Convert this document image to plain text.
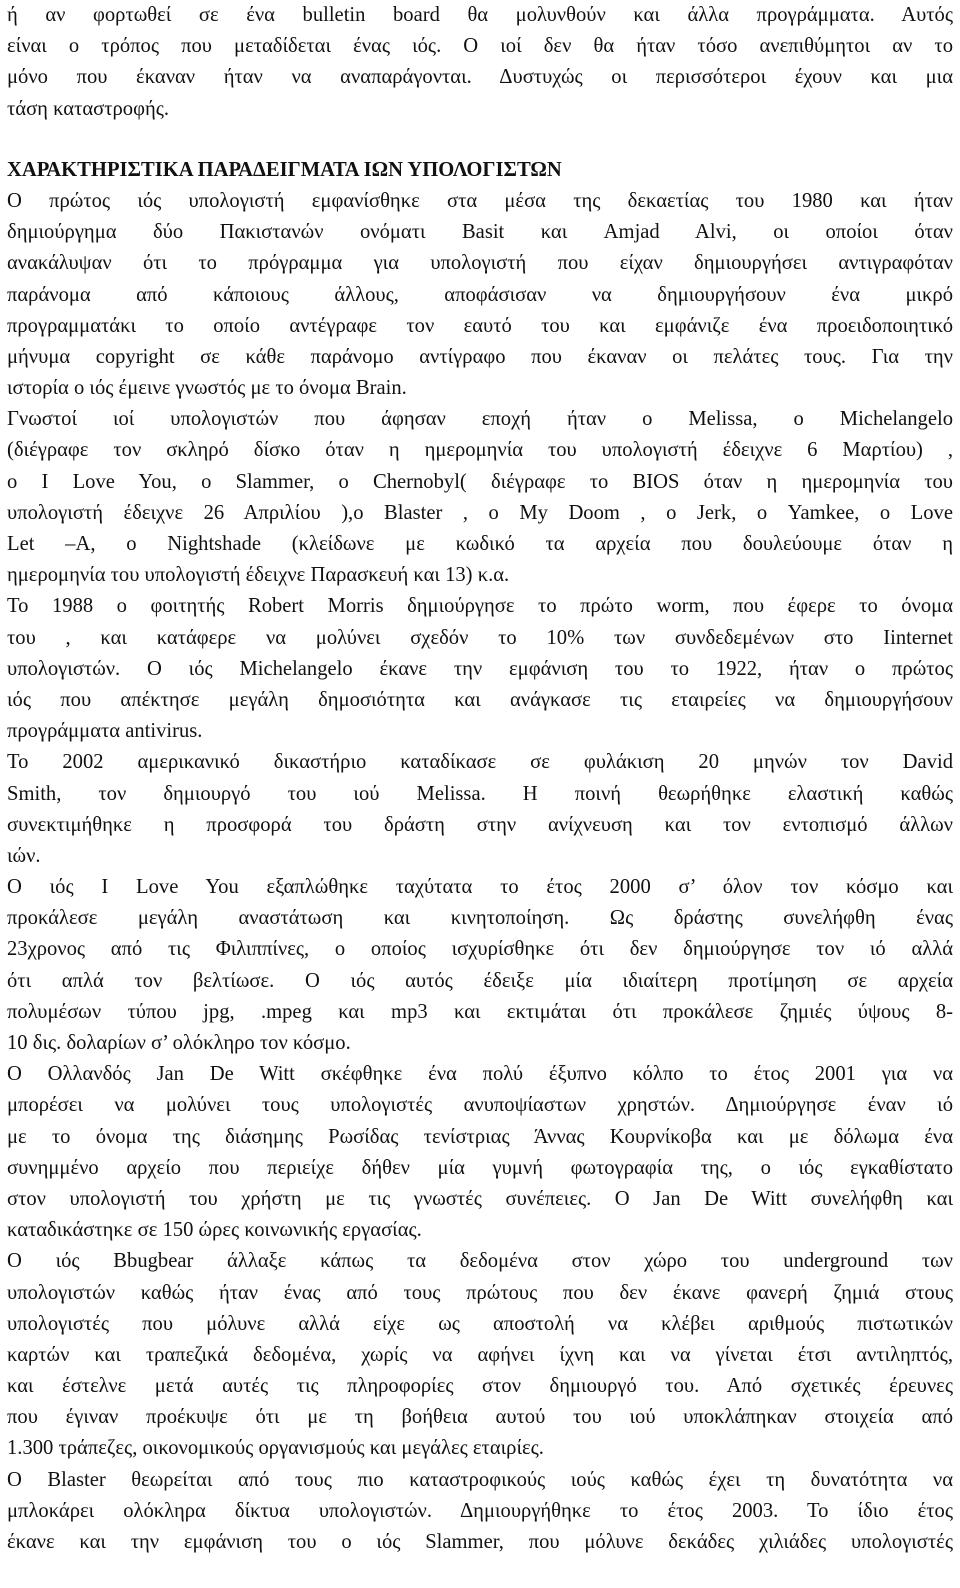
ή αν φορτωθεί σε ένα bulletin board θα μολυνθούν και άλλα προγράμματα. Αυτός
είναι ο τρόπος που μεταδίδεται ένας ιός. Ο ιοί δεν θα ήταν τόσο ανεπιθύμητοι αν το
μόνο που έκαναν ήταν να αναπαράγονται. Δυστυχώς οι περισσότεροι έχουν και μια
τάση καταστροφής.
ΧΑΡΑΚΤΗΡΙΣΤΙΚΑ ΠΑΡΑΔΕΙΓΜΑΤΑ ΙΩΝ ΥΠΟΛΟΓΙΣΤΩΝ
Ο πρώτος ιός υπολογιστή εμφανίσθηκε στα μέσα της δεκαετίας του 1980 και ήταν
δημιούργημα δύο Πακιστανών ονόματι Basit και Amjad Alvi, οι οποίοι όταν
ανακάλυψαν ότι το πρόγραμμα για υπολογιστή που είχαν δημιουργήσει αντιγραφόταν
παράνομα από κάποιους άλλους, αποφάσισαν να δημιουργήσουν ένα μικρό
προγραμματάκι το οποίο αντέγραφε τον εαυτό του και εμφάνιζε ένα προειδοποιητικό
μήνυμα copyright σε κάθε παράνομο αντίγραφο που έκαναν οι πελάτες τους. Για την
ιστορία ο ιός έμεινε γνωστός με το όνομα Brain.
Γνωστοί ιοί υπολογιστών που άφησαν εποχή ήταν ο Melissa, ο Michelangelo
(διέγραφε τον σκληρό δίσκο όταν η ημερομηνία του υπολογιστή έδειχνε 6 Μαρτίου) ,
ο I Love You, ο Slammer, ο Chernobyl( διέγραφε το BIOS όταν η ημερομηνία του
υπολογιστή έδειχνε 26 Απριλίου ),ο Blaster , ο My Doom , ο Jerk, ο Yamkee, ο Love
Let –A, ο Nightshade (κλείδωνε με κωδικό τα αρχεία που δουλεύουμε όταν η
ημερομηνία του υπολογιστή έδειχνε Παρασκευή και 13) κ.α.
Το 1988 ο φοιτητής Robert Morris δημιούργησε το πρώτο worm, που έφερε το όνομα
του , και κατάφερε να μολύνει σχεδόν το 10% των συνδεδεμένων στο Iinternet
υπολογιστών. Ο ιός Michelangelo έκανε την εμφάνιση του το 1922, ήταν ο πρώτος
ιός που απέκτησε μεγάλη δημοσιότητα και ανάγκασε τις εταιρείες να δημιουργήσουν
προγράμματα antivirus.
Το 2002 αμερικανικό δικαστήριο καταδίκασε σε φυλάκιση 20 μηνών τον David
Smith, τον δημιουργό του ιού Melissa. Η ποινή θεωρήθηκε ελαστική καθώς
συνεκτιμήθηκε η προσφορά του δράστη στην ανίχνευση και τον εντοπισμό άλλων
ιών.
Ο ιός I Love You εξαπλώθηκε ταχύτατα το έτος 2000 σ’ όλον τον κόσμο και
προκάλεσε μεγάλη αναστάτωση και κινητοποίηση. Ως δράστης συνελήφθη ένας
23χρονος από τις Φιλιππίνες, ο οποίος ισχυρίσθηκε ότι δεν δημιούργησε τον ιό αλλά
ότι απλά τον βελτίωσε. Ο ιός αυτός έδειξε μία ιδιαίτερη προτίμηση σε αρχεία
πολυμέσων τύπου jpg, .mpeg και mp3 και εκτιμάται ότι προκάλεσε ζημιές ύψους 8-
10 δις. δολαρίων σ’ ολόκληρο τον κόσμο.
Ο Ολλανδός Jan De Witt σκέφθηκε ένα πολύ έξυπνο κόλπο το έτος 2001 για να
μπορέσει να μολύνει τους υπολογιστές ανυποψίαστων χρηστών. Δημιούργησε έναν ιό
με το όνομα της διάσημης Ρωσίδας τενίστριας Άννας Κουρνίκοβα και με δόλωμα ένα
συνημμένο αρχείο που περιείχε δήθεν μία γυμνή φωτογραφία της, ο ιός εγκαθίστατο
στον υπολογιστή του χρήστη με τις γνωστές συνέπειες. Ο Jan De Witt συνελήφθη και
καταδικάστηκε σε 150 ώρες κοινωνικής εργασίας.
Ο ιός Bbugbear άλλαξε κάπως τα δεδομένα στον χώρο του underground των
υπολογιστών καθώς ήταν ένας από τους πρώτους που δεν έκανε φανερή ζημιά στους
υπολογιστές που μόλυνε αλλά είχε ως αποστολή να κλέβει αριθμούς πιστωτικών
καρτών και τραπεζικά δεδομένα, χωρίς να αφήνει ίχνη και να γίνεται έτσι αντιληπτός,
και έστελνε μετά αυτές τις πληροφορίες στον δημιουργό του. Από σχετικές έρευνες
που έγιναν προέκυψε ότι με τη βοήθεια αυτού του ιού υποκλάπηκαν στοιχεία από
1.300 τράπεζες, οικονομικούς οργανισμούς και μεγάλες εταιρίες.
O Blaster θεωρείται από τους πιο καταστροφικούς ιούς καθώς έχει τη δυνατότητα να
μπλοκάρει ολόκληρα δίκτυα υπολογιστών. Δημιουργήθηκε το έτος 2003. Το ίδιο έτος
έκανε και την εμφάνιση του ο ιός Slammer, που μόλυνε δεκάδες χιλιάδες υπολογιστές
